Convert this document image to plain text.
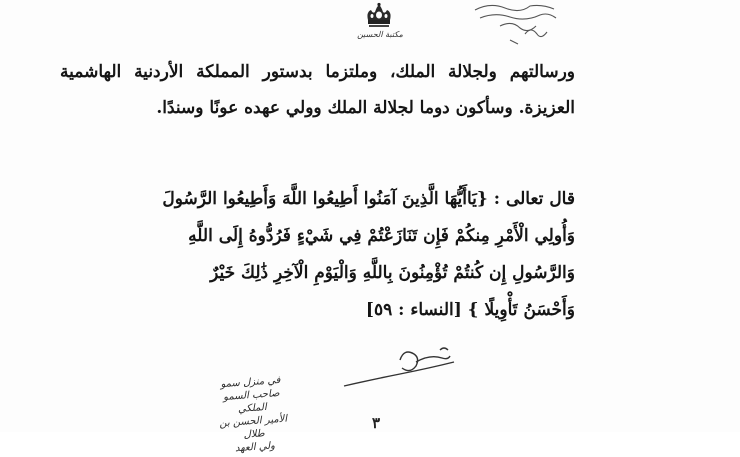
مكتبة الحسين
ورسالتهم ولجلالة الملك، وملتزما بدستور المملكة الأردنية الهاشمية العزيزة. وسأكون دوما لجلالة الملك وولي عهده عونًا وسندًا.
قال تعالى : {يَاأَيُّهَا الَّذِينَ آمَنُوا أَطِيعُوا اللَّهَ وَأَطِيعُوا الرَّسُولَ
وَأُولِي الْأَمْرِ مِنكُمْ فَإِن تَنَازَعْتُمْ فِي شَيْءٍ فَرُدُّوهُ إِلَى اللَّهِ
وَالرَّسُولِ إِن كُنتُمْ تُؤْمِنُونَ بِاللَّهِ وَالْيَوْمِ الْآخِرِ ذَٰلِكَ خَيْرٌ
وَأَحْسَنُ تَأْوِيلًا } [النساء : ٥٩]
في منزل سمو
صاحب السمو الملكي
الأمير الحسن بن طلال
ولي العهد
٣
